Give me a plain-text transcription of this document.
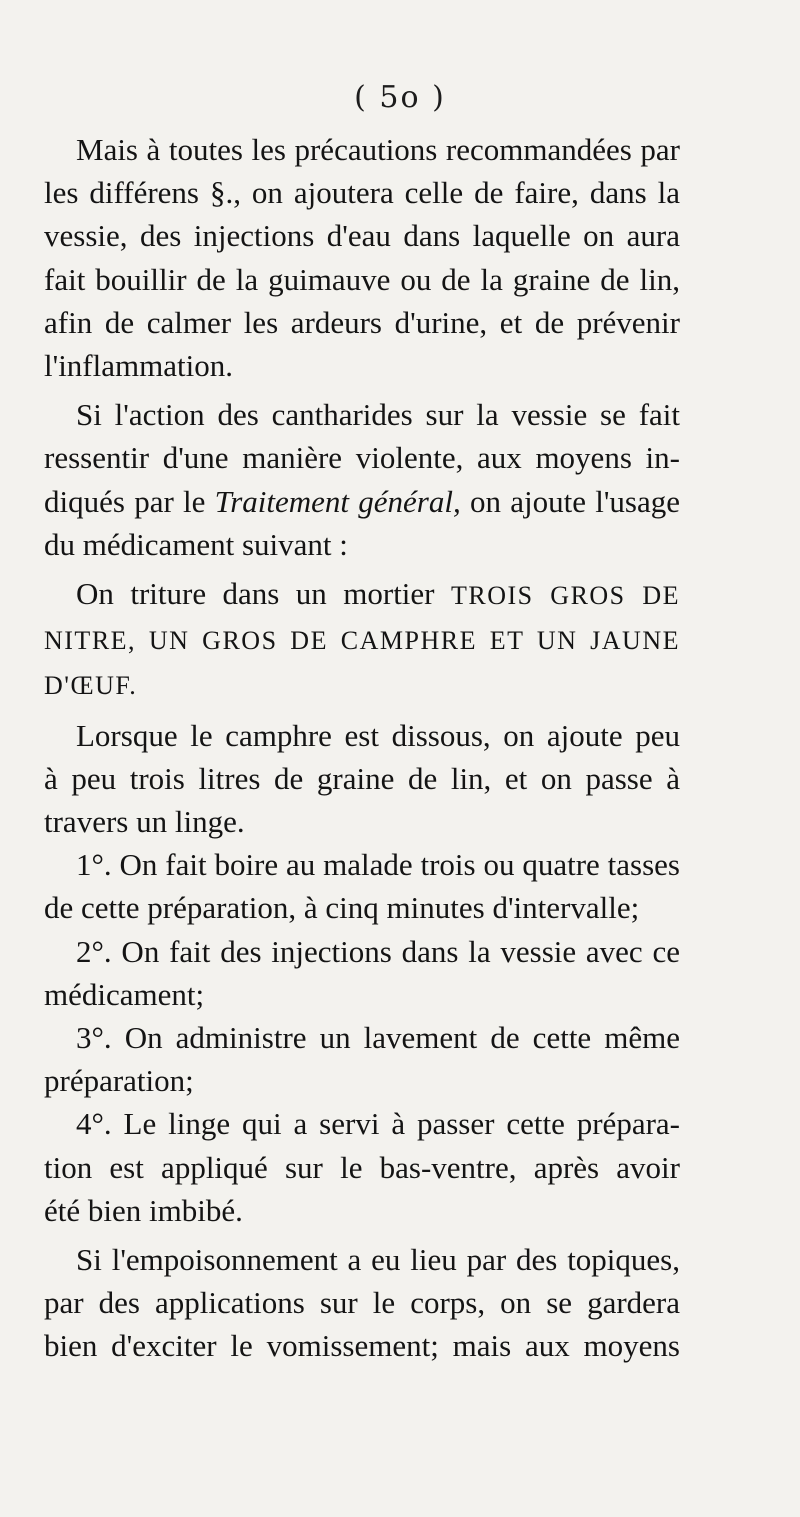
( 5o )
Mais à toutes les précautions recommandées par
les différens §., on ajoutera celle de faire, dans la
vessie, des injections d'eau dans laquelle on aura
fait bouillir de la guimauve ou de la graine de lin,
afin de calmer les ardeurs d'urine, et de prévenir
l'inflammation.
Si l'action des cantharides sur la vessie se fait
ressentir d'une manière violente, aux moyens in-
diqués par le Traitement général, on ajoute l'usage
du médicament suivant :
On triture dans un mortier TROIS GROS DE
NITRE, UN GROS DE CAMPHRE ET UN JAUNE
D'ŒUF.
Lorsque le camphre est dissous, on ajoute peu
à peu trois litres de graine de lin, et on passe à
travers un linge.
1°. On fait boire au malade trois ou quatre tasses
de cette préparation, à cinq minutes d'intervalle;
2°. On fait des injections dans la vessie avec ce
médicament;
3°. On administre un lavement de cette même
préparation;
4°. Le linge qui a servi à passer cette prépara-
tion est appliqué sur le bas-ventre, après avoir
été bien imbibé.
Si l'empoisonnement a eu lieu par des topiques,
par des applications sur le corps, on se gardera
bien d'exciter le vomissement; mais aux moyens
